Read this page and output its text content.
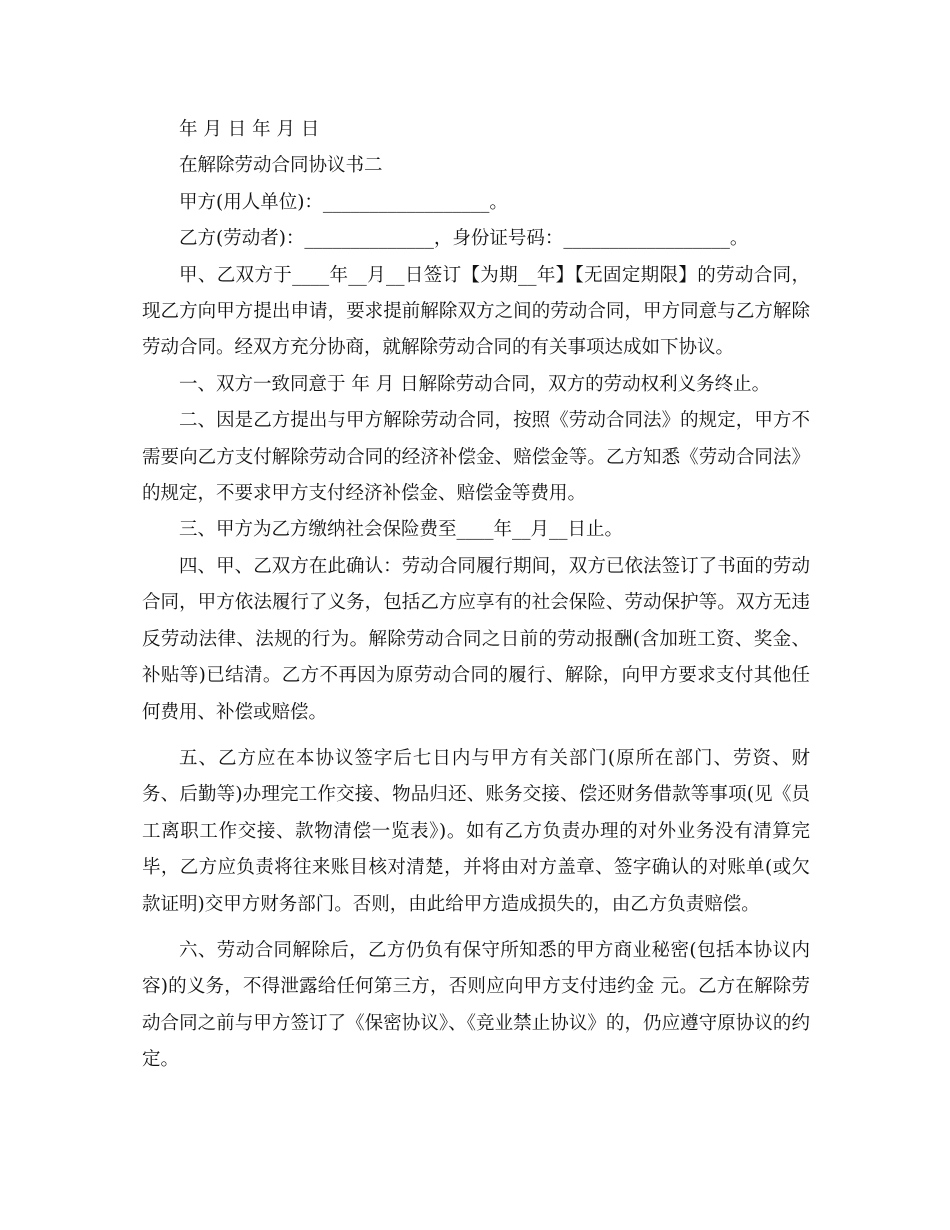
年 月 日 年 月 日

在解除劳动合同协议书二

甲方(用人单位)：__________________。

乙方(劳动者)：______________，身份证号码：__________________。

甲、乙双方于____年__月__日签订【为期__年】【无固定期限】的劳动合同，现乙方向甲方提出申请，要求提前解除双方之间的劳动合同，甲方同意与乙方解除劳动合同。经双方充分协商，就解除劳动合同的有关事项达成如下协议。

一、双方一致同意于 年 月 日解除劳动合同，双方的劳动权利义务终止。

二、因是乙方提出与甲方解除劳动合同，按照《劳动合同法》的规定，甲方不需要向乙方支付解除劳动合同的经济补偿金、赔偿金等。乙方知悉《劳动合同法》的规定，不要求甲方支付经济补偿金、赔偿金等费用。

三、甲方为乙方缴纳社会保险费至____年__月__日止。

四、甲、乙双方在此确认：劳动合同履行期间，双方已依法签订了书面的劳动合同，甲方依法履行了义务，包括乙方应享有的社会保险、劳动保护等。双方无违反劳动法律、法规的行为。解除劳动合同之日前的劳动报酬(含加班工资、奖金、补贴等)已结清。乙方不再因为原劳动合同的履行、解除，向甲方要求支付其他任何费用、补偿或赔偿。

五、乙方应在本协议签字后七日内与甲方有关部门(原所在部门、劳资、财务、后勤等)办理完工作交接、物品归还、账务交接、偿还财务借款等事项(见《员工离职工作交接、款物清偿一览表》)。如有乙方负责办理的对外业务没有清算完毕，乙方应负责将往来账目核对清楚，并将由对方盖章、签字确认的对账单(或欠款证明)交甲方财务部门。否则，由此给甲方造成损失的，由乙方负责赔偿。

六、劳动合同解除后，乙方仍负有保守所知悉的甲方商业秘密(包括本协议内容)的义务，不得泄露给任何第三方，否则应向甲方支付违约金 元。乙方在解除劳动合同之前与甲方签订了《保密协议》、《竞业禁止协议》的，仍应遵守原协议的约定。
